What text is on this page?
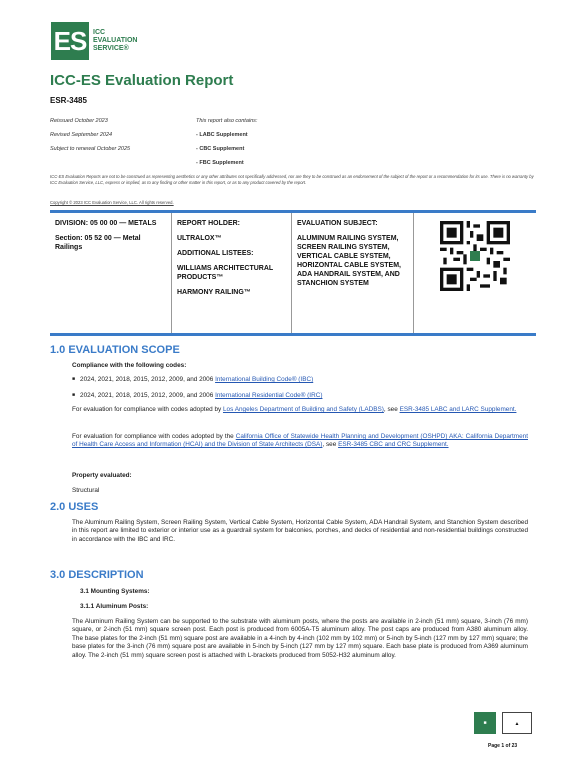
ES ICC
EVALUATION
SERVICE®
ICC-ES Evaluation Report
ESR-3485
Reissued October 2023
Revised September 2024
Subject to renewal October 2025
This report also contains:
- LABC Supplement
- CBC Supplement
- FBC Supplement
ICC-ES Evaluation Reports are not to be construed as representing aesthetics or any other attributes not specifically addressed, nor are they to be construed as an endorsement of the subject of the report or a recommendation for its use. There is no warranty by ICC Evaluation Service, LLC, express or implied, as to any finding or other matter in this report, or as to any product covered by the report.
Copyright © 2023 ICC Evaluation Service, LLC. All rights reserved.

DIVISION: 05 00 00 — METALS

Section: 05 52 00 — Metal Railings

REPORT HOLDER:

ULTRALOX™

ADDITIONAL LISTEES:

WILLIAMS ARCHITECTURAL PRODUCTS™

HARMONY RAILING™

EVALUATION SUBJECT:

ALUMINUM RAILING SYSTEM, SCREEN RAILING SYSTEM, VERTICAL CABLE SYSTEM, HORIZONTAL CABLE SYSTEM, ADA HANDRAIL SYSTEM, AND STANCHION SYSTEM

1.0 EVALUATION SCOPE
Compliance with the following codes:
■ 2024, 2021, 2018, 2015, 2012, 2009, and 2006 International Building Code® (IBC)
■ 2024, 2021, 2018, 2015, 2012, 2009, and 2006 International Residential Code® (IRC)
For evaluation for compliance with codes adopted by Los Angeles Department of Building and Safety (LADBS), see ESR-3485 LABC and LARC Supplement.
For evaluation for compliance with codes adopted by the California Office of Statewide Health Planning and Development (OSHPD) AKA: California Department of Health Care Access and Information (HCAI) and the Division of State Architects (DSA), see ESR-3485 CBC and CRC Supplement.
Property evaluated:
Structural
2.0 USES
The Aluminum Railing System, Screen Railing System, Vertical Cable System, Horizontal Cable System, ADA Handrail System, and Stanchion System described in this report are limited to exterior or interior use as a guardrail system for balconies, porches, and decks of residential and non-residential buildings constructed in accordance with the IBC and IRC.
3.0 DESCRIPTION
3.1 Mounting Systems:
3.1.1 Aluminum Posts:
The Aluminum Railing System can be supported to the substrate with aluminum posts, where the posts are available in 2-inch (51 mm) square, 3-inch (76 mm) square, or 2-inch (51 mm) square screen post. Each post is produced from 6005A-T5 aluminum alloy. The post caps are produced from A380 aluminum alloy. The base plates for the 2-inch (51 mm) square post are available in a 4-inch by 4-inch (102 mm by 102 mm) or 5-inch by 5-inch (127 mm by 127 mm) square; the base plates for the 3-inch (76 mm) square post are available in 5-inch by 5-inch (127 mm by 127 mm) square. Each base plate is produced from A369 aluminum alloy. The 2-inch (51 mm) square screen post is attached with L-brackets produced from 5052-H32 aluminum alloy.
■	▲
Page 1 of 23
